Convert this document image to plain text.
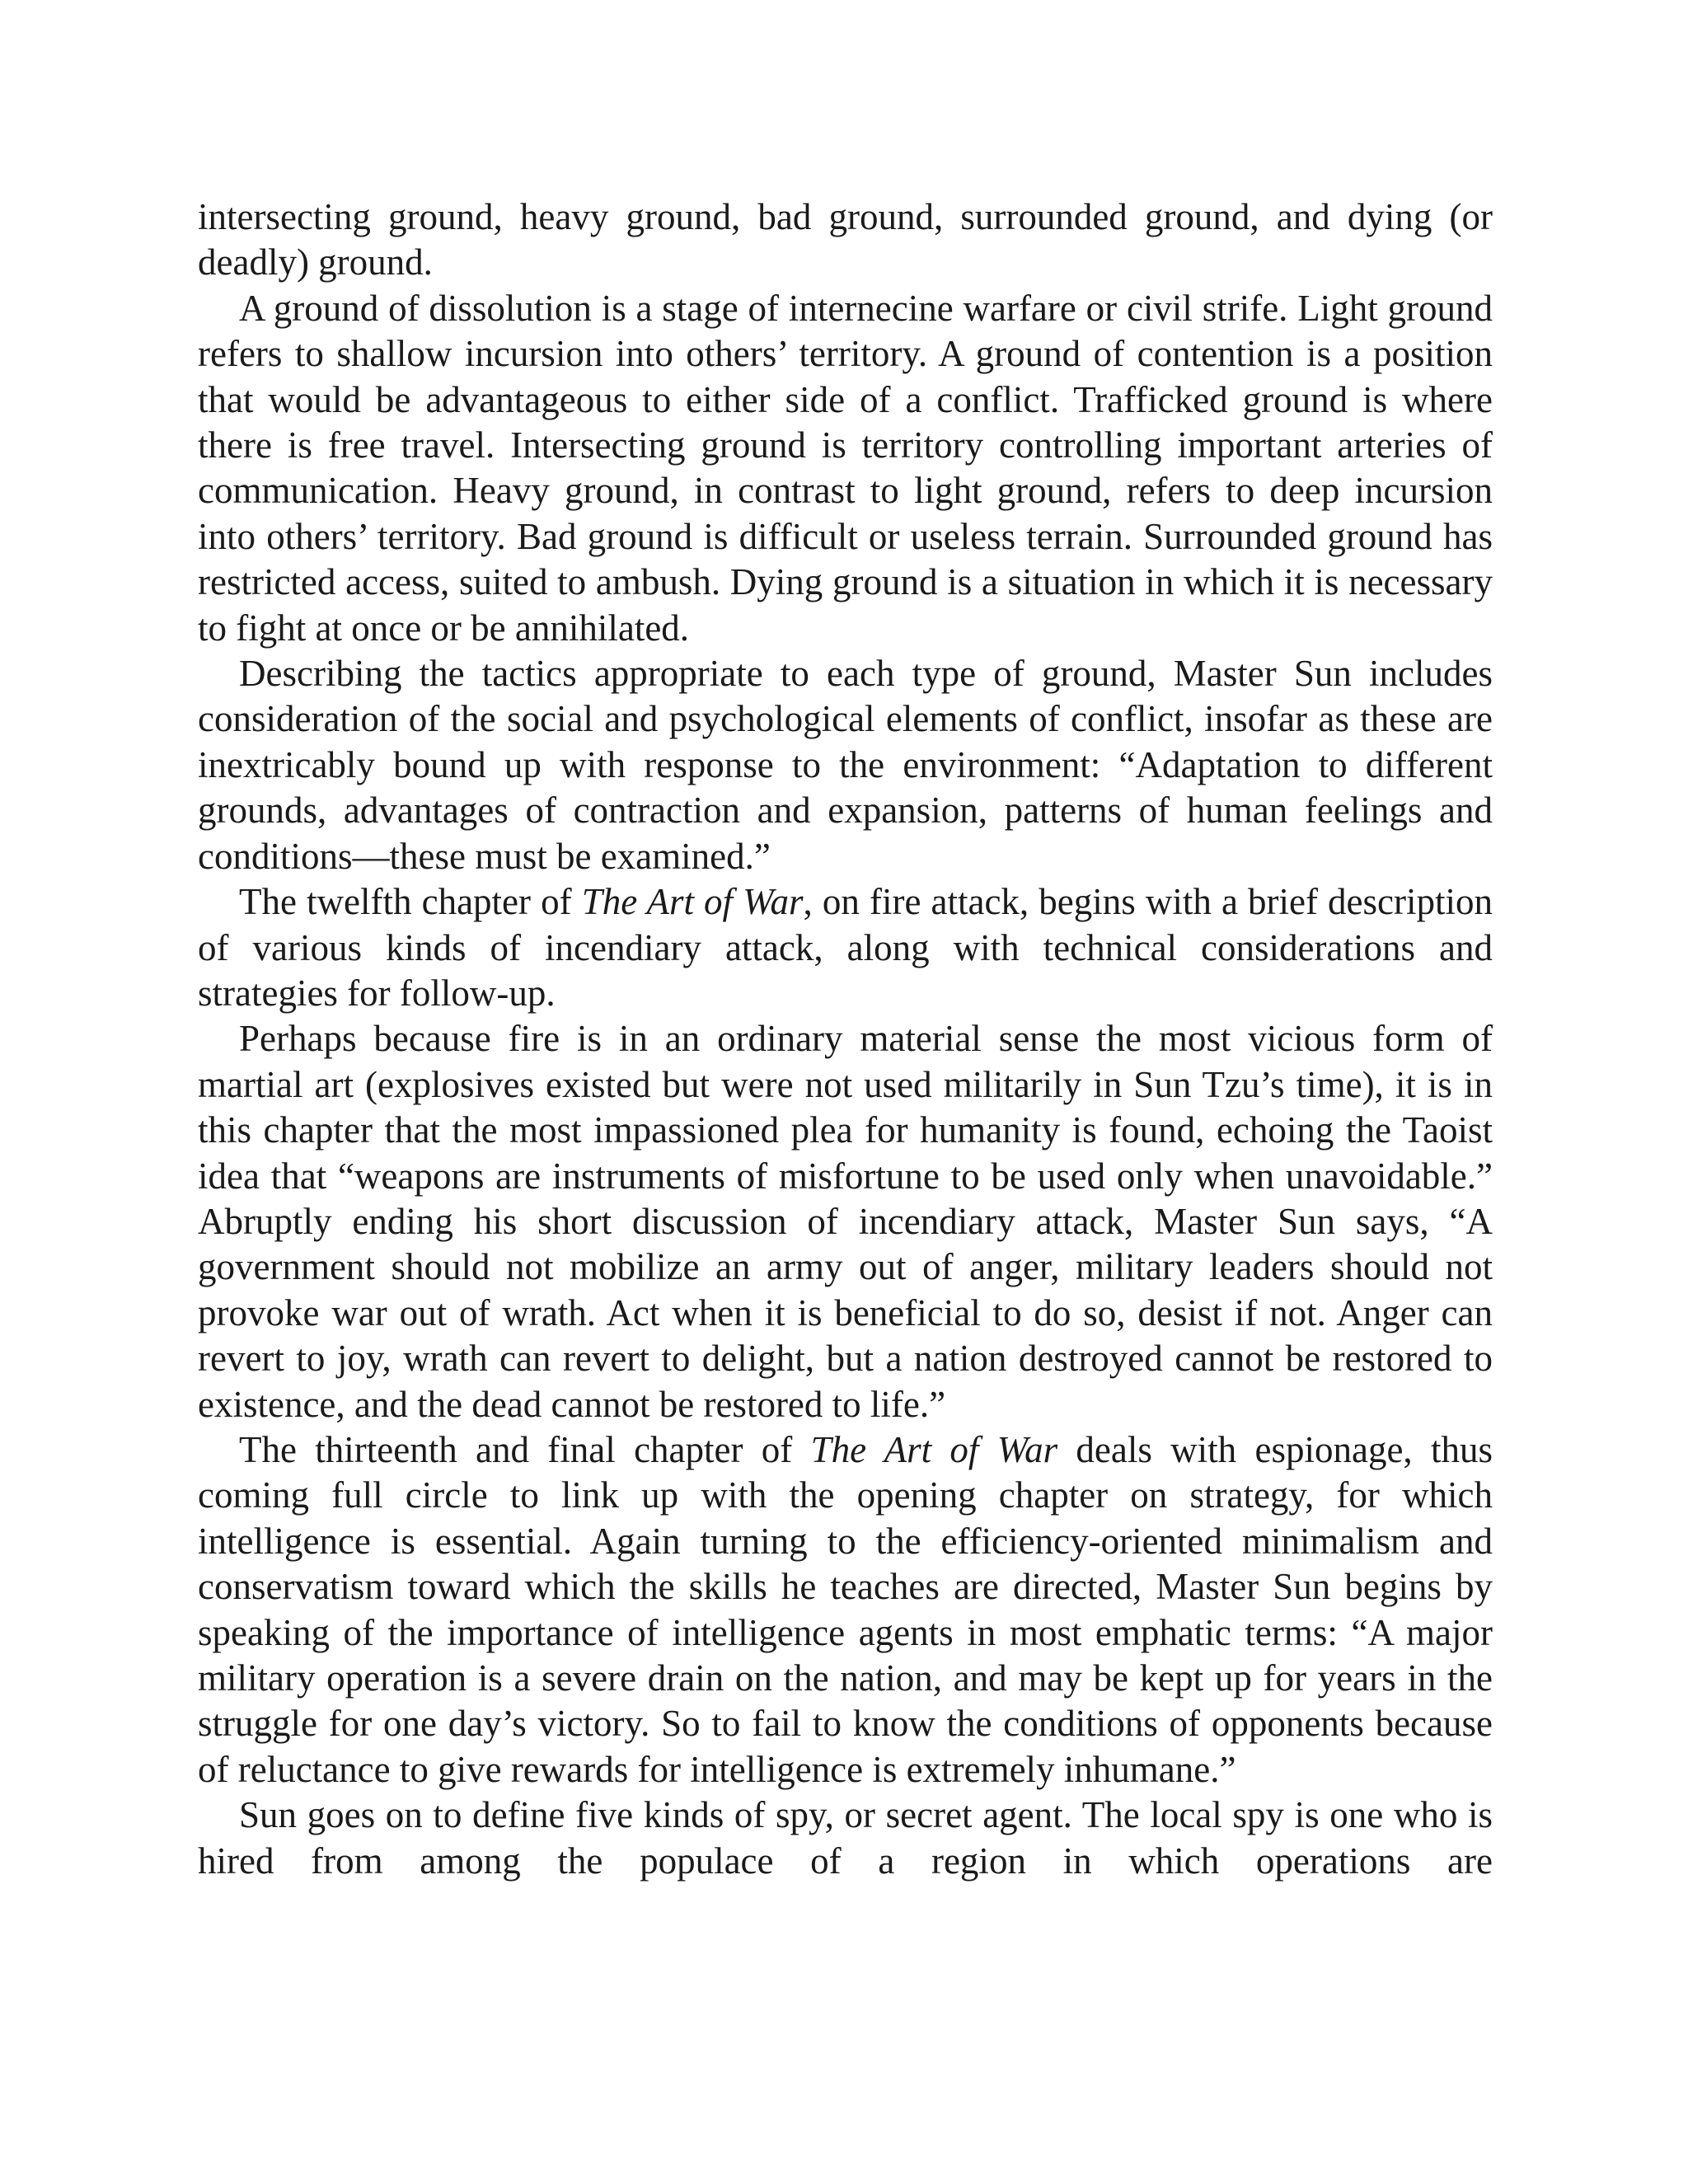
intersecting ground, heavy ground, bad ground, surrounded ground, and dying (or deadly) ground.

A ground of dissolution is a stage of internecine warfare or civil strife. Light ground refers to shallow incursion into others’ territory. A ground of contention is a position that would be advantageous to either side of a conflict. Trafficked ground is where there is free travel. Intersecting ground is territory controlling important arteries of communication. Heavy ground, in contrast to light ground, refers to deep incursion into others’ territory. Bad ground is difficult or useless terrain. Surrounded ground has restricted access, suited to ambush. Dying ground is a situation in which it is necessary to fight at once or be annihilated.

Describing the tactics appropriate to each type of ground, Master Sun includes consideration of the social and psychological elements of conflict, insofar as these are inextricably bound up with response to the environment: “Adaptation to different grounds, advantages of contraction and expansion, patterns of human feelings and conditions—these must be examined.”

The twelfth chapter of The Art of War, on fire attack, begins with a brief description of various kinds of incendiary attack, along with technical considerations and strategies for follow-up.

Perhaps because fire is in an ordinary material sense the most vicious form of martial art (explosives existed but were not used militarily in Sun Tzu’s time), it is in this chapter that the most impassioned plea for humanity is found, echoing the Taoist idea that “weapons are instruments of misfortune to be used only when unavoidable.” Abruptly ending his short discussion of incendiary attack, Master Sun says, “A government should not mobilize an army out of anger, military leaders should not provoke war out of wrath. Act when it is beneficial to do so, desist if not. Anger can revert to joy, wrath can revert to delight, but a nation destroyed cannot be restored to existence, and the dead cannot be restored to life.”

The thirteenth and final chapter of The Art of War deals with espionage, thus coming full circle to link up with the opening chapter on strategy, for which intelligence is essential. Again turning to the efficiency-oriented minimalism and conservatism toward which the skills he teaches are directed, Master Sun begins by speaking of the importance of intelligence agents in most emphatic terms: “A major military operation is a severe drain on the nation, and may be kept up for years in the struggle for one day’s victory. So to fail to know the conditions of opponents because of reluctance to give rewards for intelligence is extremely inhumane.”

Sun goes on to define five kinds of spy, or secret agent. The local spy is one who is hired from among the populace of a region in which operations are
